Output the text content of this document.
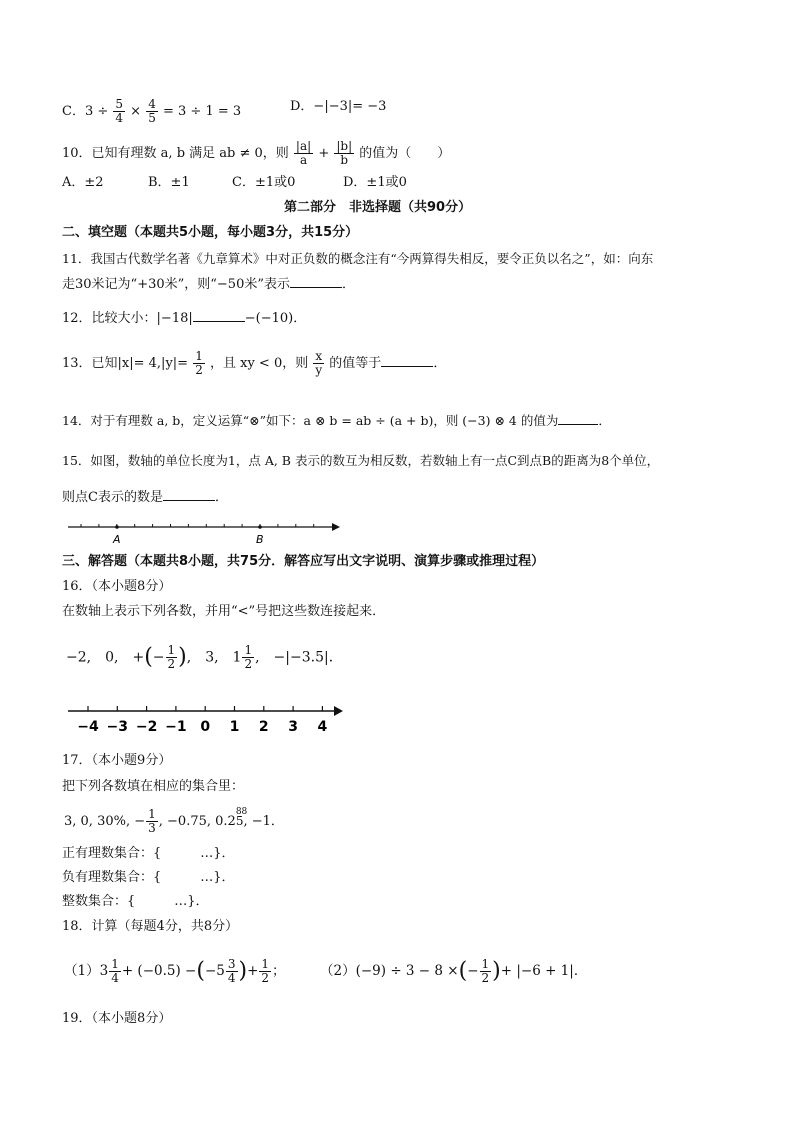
C．$3 \div \frac{5}{4} \times \frac{4}{5} = 3 \div 1 = 3$	D．−|−3|= −3
10．已知有理数 a, b 满足 ab ≠ 0，则 $\frac{|a|}{a} + \frac{|b|}{b}$ 的值为（　　）
A．±2	B．±1	C．±1或0	D．±1或0
第二部分　非选择题（共90分）
二、填空题（本题共5小题，每小题3分，共15分）
11．我国古代数学名著《九章算术》中对正负数的概念注有“今两算得失相反，要令正负以名之”，如：向东
走30米记为“+30米”，则“−50米”表示	．
12．比较大小：|−18|	−(−10)．
13．已知$|x|= 4,|y|= \frac{1}{2}$ ，且 xy < 0，则 $\frac{x}{y}$ 的值等于	．
14．对于有理数 a, b，定义运算“⊗”如下：a ⊗ b = ab ÷ (a + b)，则 (−3) ⊗ 4 的值为	．
15．如图，数轴的单位长度为1，点 A, B 表示的数互为相反数，若数轴上有一点C到点B的距离为8个单位，
则点C表示的数是	．
A	B
三、解答题（本题共8小题，共75分．解答应写出文字说明、演算步骤或推理过程）
16．（本小题8分）
在数轴上表示下列各数，并用“<”号把这些数连接起来．
−2,　0,　+(− $\frac{1}{2}$ ),　3,　$1 \frac{1}{2}$ ,　−|−3.5|．
−4 −3 −2 −1 0 1 2 3 4
17．（本小题9分）
把下列各数填在相应的集合里：
3, 0, 30%, − $\frac{1}{3}$ , −0.75, 0.2
88
5, −1．
正有理数集合：{　　　…}．
负有理数集合：{　　　…}．
整数集合：{　　　…}．
18．计算（每题4分，共8分）
$(1)3 \frac{1}{4} + (-0.5) -(-5 \frac{3}{4}$ )+ $\frac{1}{2}$ ；	（2）(−9) ÷ 3 − 8 ×(− $\frac{1}{2}$ )+ |−6 + 1|．
19．（本小题8分）
